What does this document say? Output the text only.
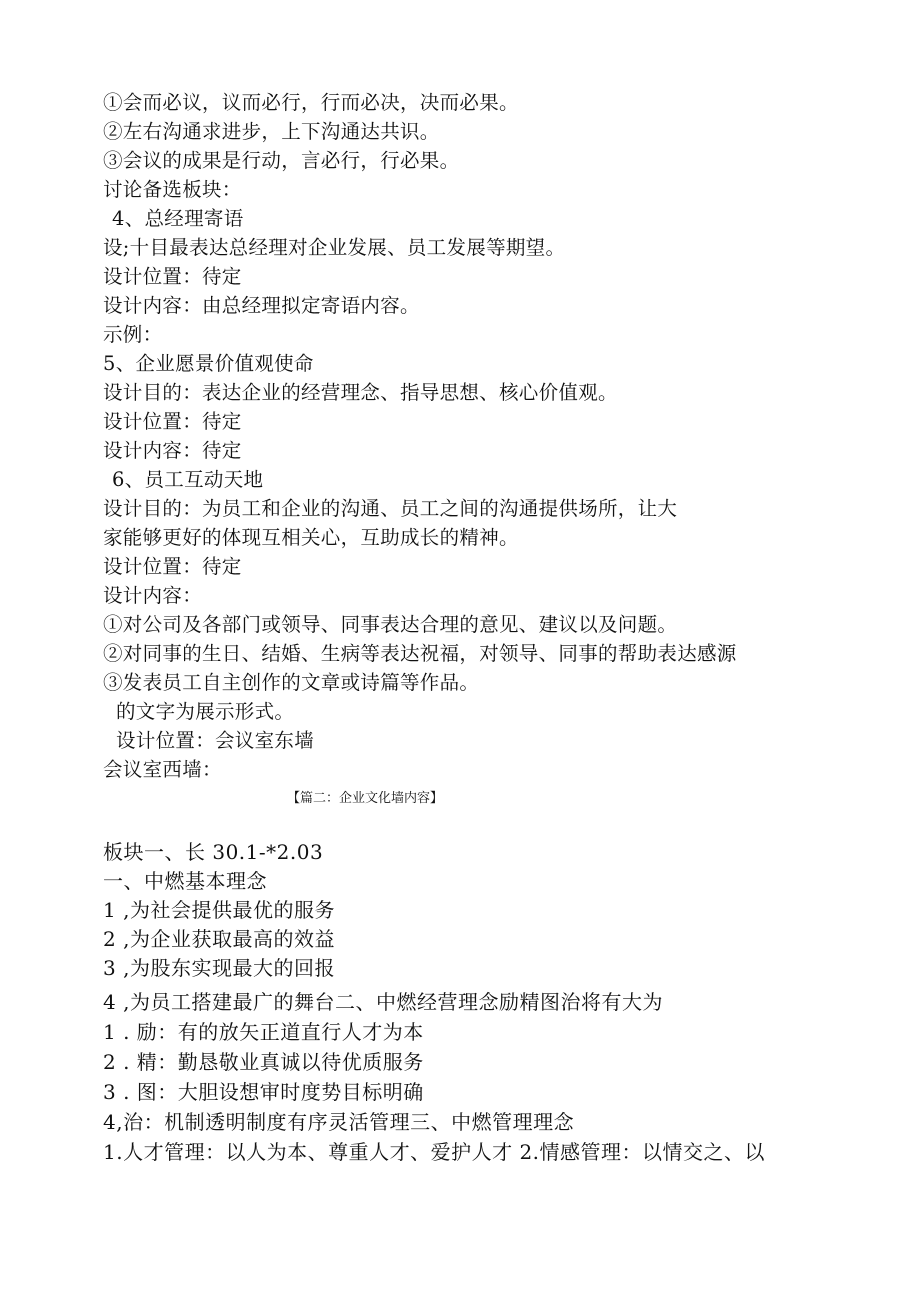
①会而必议，议而必行，行而必决，决而必果。
②左右沟通求进步，上下沟通达共识。
③会议的成果是行动，言必行，行必果。
讨论备选板块：
4、总经理寄语
设;十目最表达总经理对企业发展、员工发展等期望。
设计位置：待定
设计内容：由总经理拟定寄语内容。
示例：
5、企业愿景价值观使命
设计目的：表达企业的经营理念、指导思想、核心价值观。
设计位置：待定
设计内容：待定
6、员工互动天地
设计目的：为员工和企业的沟通、员工之间的沟通提供场所，让大
家能够更好的体现互相关心，互助成长的精神。
设计位置：待定
设计内容：
①对公司及各部门或领导、同事表达合理的意见、建议以及问题。
②对同事的生日、结婚、生病等表达祝福，对领导、同事的帮助表达感源
③发表员工自主创作的文章或诗篇等作品。
的文字为展示形式。
设计位置：会议室东墙
会议室西墙：
【篇二：企业文化墙内容】
板块一、长 30.1-*2.03
一、中燃基本理念
1 ,为社会提供最优的服务
2 ,为企业获取最高的效益
3 ,为股东实现最大的回报
4 ,为员工搭建最广的舞台二、中燃经营理念励精图治将有大为
1 . 励：有的放矢正道直行人才为本
2 . 精：勤恳敬业真诚以待优质服务
3 . 图：大胆设想审时度势目标明确
4,治：机制透明制度有序灵活管理三、中燃管理理念
1.人才管理：以人为本、尊重人才、爱护人才 2.情感管理：以情交之、以
